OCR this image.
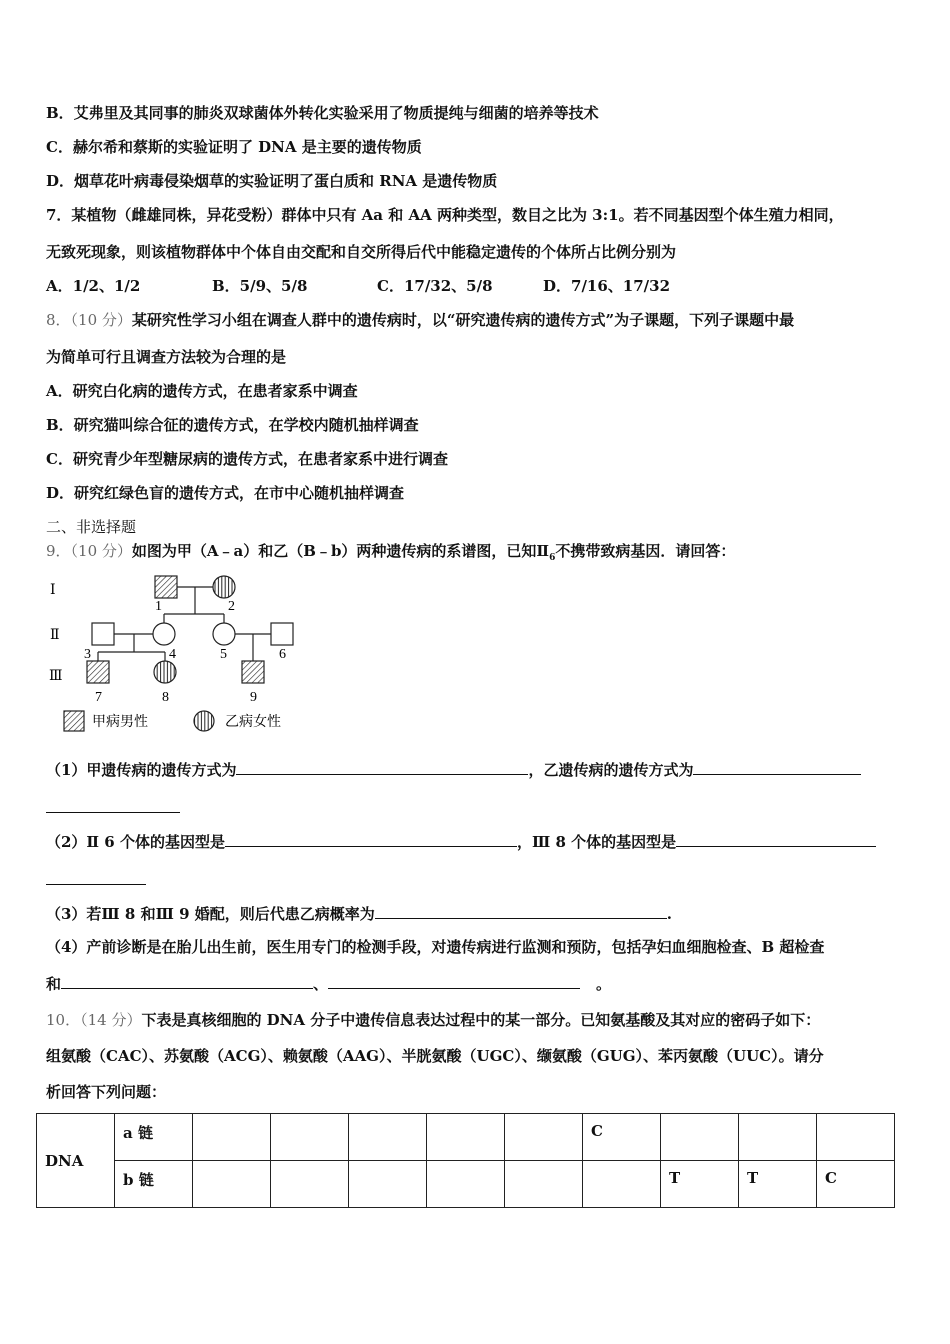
B．艾弗里及其同事的肺炎双球菌体外转化实验采用了物质提纯与细菌的培养等技术
C．赫尔希和蔡斯的实验证明了 DNA 是主要的遗传物质
D．烟草花叶病毒侵染烟草的实验证明了蛋白质和 RNA 是遗传物质
7．某植物（雌雄同株，异花受粉）群体中只有 Aa 和 AA 两种类型，数目之比为 3:1。若不同基因型个体生殖力相同，
无致死现象，则该植物群体中个体自由交配和自交所得后代中能稳定遗传的个体所占比例分别为
A．1/2、1/2	B．5/9、5/8	C．17/32、5/8	D．7/16、17/32
8．（10 分）某研究性学习小组在调查人群中的遗传病时，以“研究遗传病的遗传方式”为子课题，下列子课题中最
为简单可行且调查方法较为合理的是
A．研究白化病的遗传方式，在患者家系中调查
B．研究猫叫综合征的遗传方式，在学校内随机抽样调查
C．研究青少年型糖尿病的遗传方式，在患者家系中进行调查
D．研究红绿色盲的遗传方式，在市中心随机抽样调查
二、非选择题
9．（10 分）如图为甲（A﹣a）和乙（B﹣b）两种遗传病的系谱图，已知$Ⅱ_6$不携带致病基因．请回答：
Ⅰ
Ⅱ
Ⅲ
1	2
3	4	5	6
7	8	9
甲病男性	乙病女性
（1）甲遗传病的遗传方式为	，乙遗传病的遗传方式为
（2）Ⅱ 6 个体的基因型是	，Ⅲ 8 个体的基因型是
（3）若Ⅲ 8 和Ⅲ 9 婚配，则后代患乙病概率为	.
（4）产前诊断是在胎儿出生前，医生用专门的检测手段，对遗传病进行监测和预防，包括孕妇血细胞检查、B 超检查
和	、	。
10．（14 分）下表是真核细胞的 DNA 分子中遗传信息表达过程中的某一部分。已知氨基酸及其对应的密码子如下：
组氨酸（CAC）、苏氨酸（ACG）、赖氨酸（AAG）、半胱氨酸（UGC）、缬氨酸（GUG）、苯丙氨酸（UUC）。请分
析回答下列问题：
DNA	a 链						C			
	b 链							T	T	C
